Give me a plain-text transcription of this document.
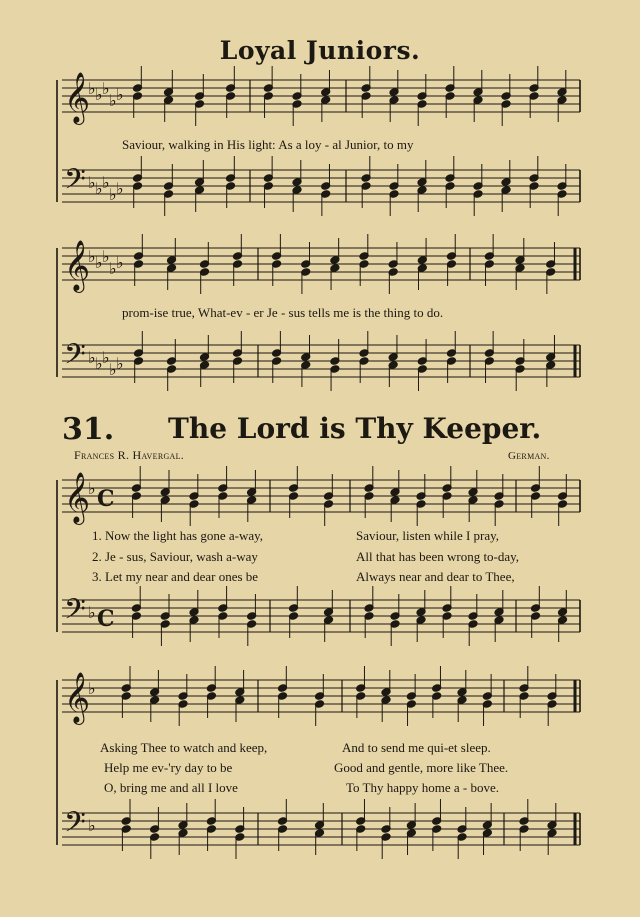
𝄞
♭ ♭ ♭
♭ ♭
𝄢 ♭ ♭ ♭
♭ ♭
𝄞
♭ ♭ ♭
♭ ♭
𝄢 ♭ ♭ ♭
♭ ♭
𝄞
♭ C
𝄢 ♭ C
𝄞
♭
𝄢 ♭
Loyal Juniors.
Saviour, walking in His light: As a loy - al Junior, to my
prom-ise true, What-ev - er Je - sus tells me is the thing to do.
31. The Lord is Thy Keeper.
Frances R. Havergal.	German.
1. Now the light has gone a-way,	Saviour, listen while I pray,
2. Je - sus, Saviour, wash a-way	All that has been wrong to-day,
3. Let my near and dear ones be	Always near and dear to Thee,
Asking Thee to watch and keep,	And to send me qui-et sleep.
Help me ev-'ry day to be	Good and gentle, more like Thee.
O, bring me and all I love	To Thy happy home a - bove.
